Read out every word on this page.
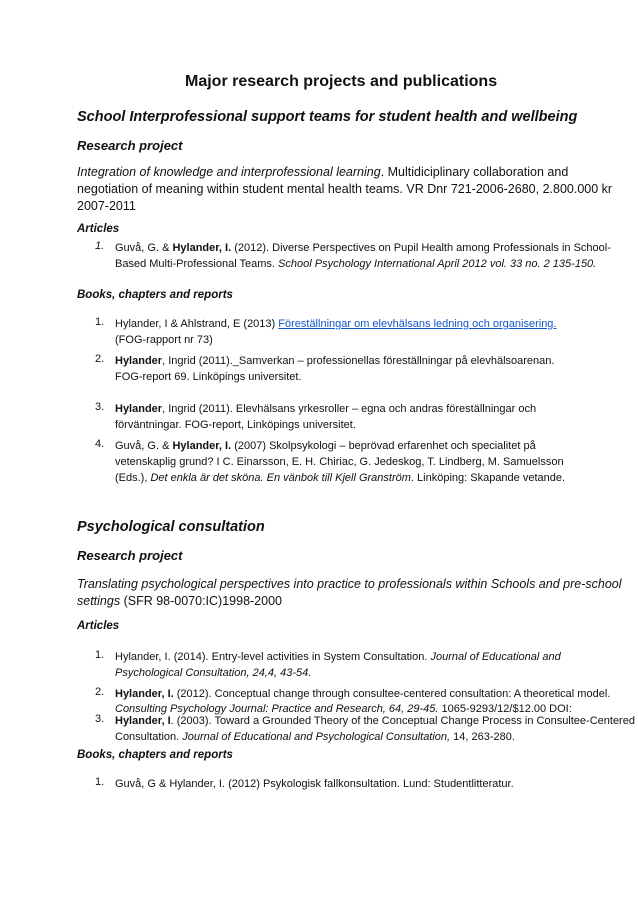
Major research projects and publications
School Interprofessional support teams for student health and wellbeing
Research project
Integration of knowledge and interprofessional learning. Multidiciplinary collaboration and
negotiation of meaning within student mental health teams. VR Dnr 721-2006-2680, 2.800.000 kr
2007-2011
Articles
1. Guvå, G. & Hylander, I. (2012). Diverse Perspectives on Pupil Health among Professionals in School-
Based Multi-Professional Teams. School Psychology International April 2012 vol. 33 no. 2 135-150.
Books, chapters and reports
1. Hylander, I & Ahlstrand, E (2013) Föreställningar om elevhälsans ledning och organisering.
(FOG-rapport nr 73)
2. Hylander, Ingrid (2011)._Samverkan – professionellas föreställningar på elevhälsoarenan.
FOG-report 69. Linköpings universitet.
3. Hylander, Ingrid (2011). Elevhälsans yrkesroller – egna och andras föreställningar och
förväntningar. FOG-report, Linköpings universitet.
4. Guvå, G. & Hylander, I. (2007) Skolpsykologi – beprövad erfarenhet och specialitet på
vetenskaplig grund? I C. Einarsson, E. H. Chiriac, G. Jedeskog, T. Lindberg, M. Samuelsson
(Eds.), Det enkla är det sköna. En vänbok till Kjell Granström. Linköping: Skapande vetande.
Psychological consultation
Research project
Translating psychological perspectives into practice to professionals within Schools and pre-school
settings (SFR 98-0070:IC)1998-2000
Articles
1. Hylander, I. (2014). Entry-level activities in System Consultation. Journal of Educational and
Psychological Consultation, 24,4, 43-54.
2. Hylander, I. (2012). Conceptual change through consultee-centered consultation: A theoretical model.
Consulting Psychology Journal: Practice and Research, 64, 29-45. 1065-9293/12/$12.00 DOI:
3. Hylander, I. (2003). Toward a Grounded Theory of the Conceptual Change Process in Consultee-Centered
Consultation. Journal of Educational and Psychological Consultation, 14, 263-280.
Books, chapters and reports
1. Guvå, G & Hylander, I. (2012) Psykologisk fallkonsultation. Lund: Studentlitteratur.
